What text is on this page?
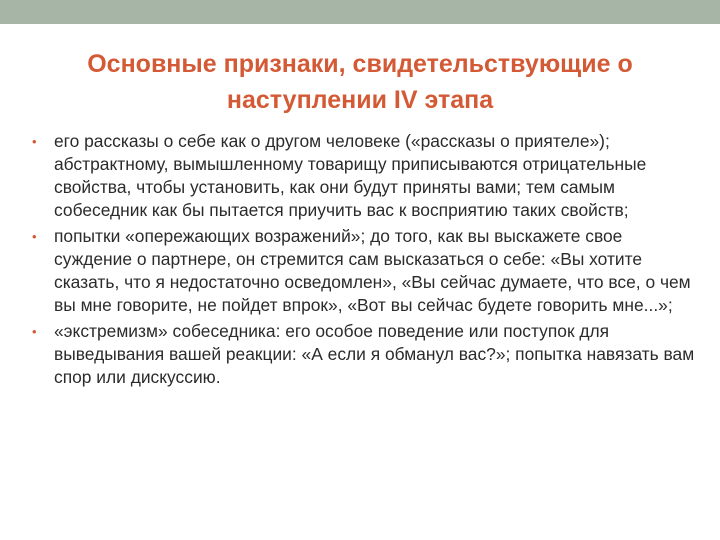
Основные признаки, свидетельствующие о наступлении IV этапа
• его рассказы о себе как о другом человеке («рассказы о приятеле»); абстрактному, вымышленному товарищу приписываются отрицательные свойства, чтобы установить, как они будут приняты вами; тем самым собеседник как бы пытается приучить вас к восприятию таких свойств;
• попытки «опережающих возражений»; до того, как вы выскажете свое суждение о партнере, он стремится сам высказаться о себе: «Вы хотите сказать, что я недостаточно осведомлен», «Вы сейчас думаете, что все, о чем вы мне говорите, не пойдет впрок», «Вот вы сейчас будете говорить мне...»;
• «экстремизм» собеседника: его особое поведение или поступок для выведывания вашей реакции: «А если я обманул вас?»; попытка навязать вам спор или дискуссию.
